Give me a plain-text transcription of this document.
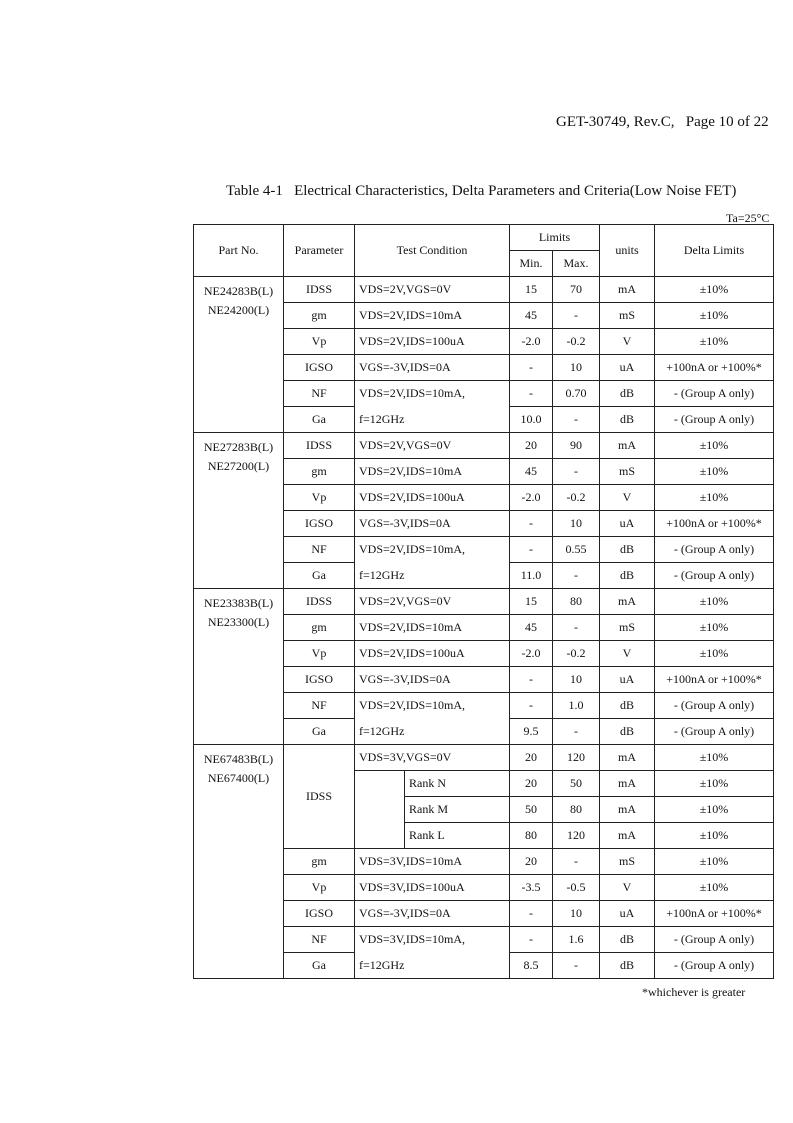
GET-30749, Rev.C, Page 10 of 22
Table 4-1   Electrical Characteristics, Delta Parameters and Criteria(Low Noise FET)
Ta=25°C
Part No.	Parameter	Test Condition		Limits		units	Delta Limits
				Min.	Max.		

NE24283B(L)
NE24200(L)	IDSS	VDS=2V,VGS=0V		15	70	mA	±10%
	gm	VDS=2V,IDS=10mA		45	-	mS	±10%
	Vp	VDS=2V,IDS=100uA		-2.0	-0.2	V	±10%
	IGSO	VGS=-3V,IDS=0A		-	10	uA	+100nA or +100%*
	NF	VDS=2V,IDS=10mA,		-	0.70	dB	- (Group A only)
	Ga	f=12GHz		10.0	-	dB	- (Group A only)

NE27283B(L)
NE27200(L)	IDSS	VDS=2V,VGS=0V		20	90	mA	±10%
	gm	VDS=2V,IDS=10mA		45	-	mS	±10%
	Vp	VDS=2V,IDS=100uA		-2.0	-0.2	V	±10%
	IGSO	VGS=-3V,IDS=0A		-	10	uA	+100nA or +100%*
	NF	VDS=2V,IDS=10mA,		-	0.55	dB	- (Group A only)
	Ga	f=12GHz		11.0	-	dB	- (Group A only)

NE23383B(L)
NE23300(L)	IDSS	VDS=2V,VGS=0V		15	80	mA	±10%
	gm	VDS=2V,IDS=10mA		45	-	mS	±10%
	Vp	VDS=2V,IDS=100uA		-2.0	-0.2	V	±10%
	IGSO	VGS=-3V,IDS=0A		-	10	uA	+100nA or +100%*
	NF	VDS=2V,IDS=10mA,		-	1.0	dB	- (Group A only)
	Ga	f=12GHz		9.5	-	dB	- (Group A only)

NE67483B(L)
NE67400(L)	IDSS	VDS=3V,VGS=0V		20	120	mA	±10%
			Rank N	20	50	mA	±10%
			Rank M	50	80	mA	±10%
			Rank L	80	120	mA	±10%
	gm	VDS=3V,IDS=10mA		20	-	mS	±10%
	Vp	VDS=3V,IDS=100uA		-3.5	-0.5	V	±10%
	IGSO	VGS=-3V,IDS=0A		-	10	uA	+100nA or +100%*
	NF	VDS=3V,IDS=10mA,		-	1.6	dB	- (Group A only)
	Ga	f=12GHz		8.5	-	dB	- (Group A only)
*whichever is greater
